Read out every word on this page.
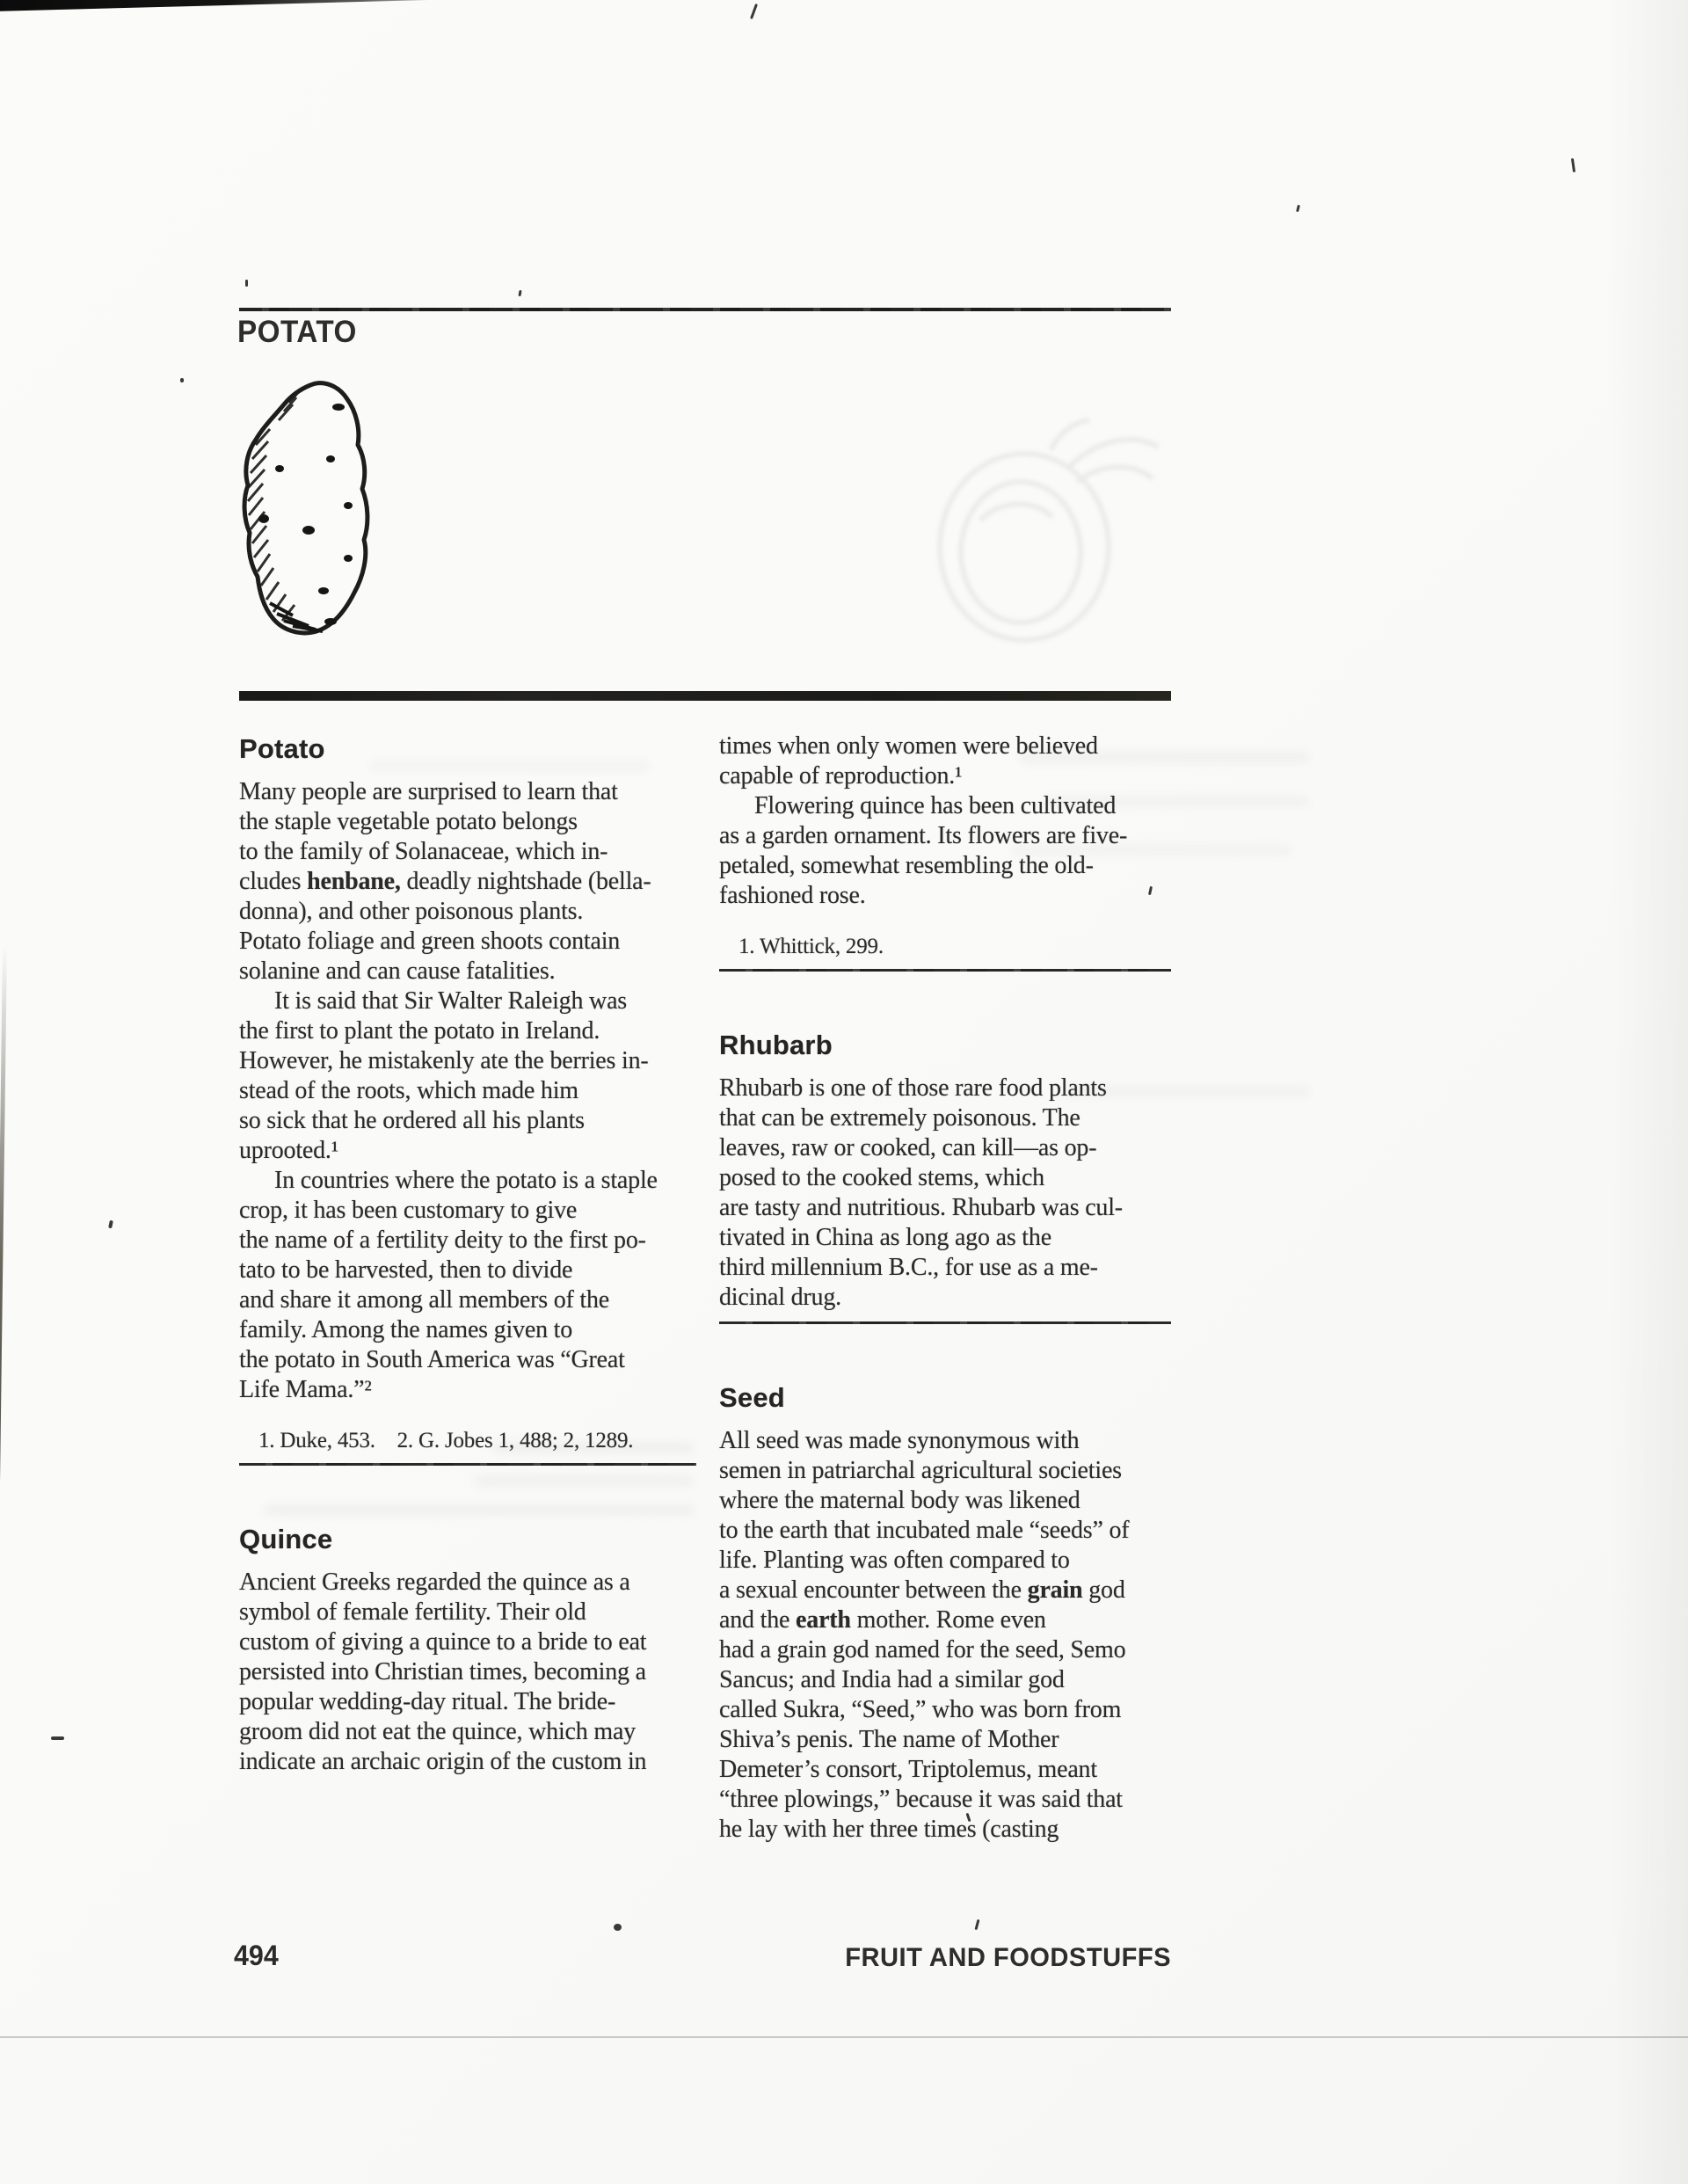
POTATO
Potato
Many people are surprised to learn that
the staple vegetable potato belongs
to the family of Solanaceae, which in-
cludes henbane, deadly nightshade (bella-
donna), and other poisonous plants.
Potato foliage and green shoots contain
solanine and can cause fatalities.
It is said that Sir Walter Raleigh was
the first to plant the potato in Ireland.
However, he mistakenly ate the berries in-
stead of the roots, which made him
so sick that he ordered all his plants
uprooted.¹
In countries where the potato is a staple
crop, it has been customary to give
the name of a fertility deity to the first po-
tato to be harvested, then to divide
and share it among all members of the
family. Among the names given to
the potato in South America was “Great
Life Mama.”²
1. Duke, 453. 2. G. Jobes 1, 488; 2, 1289.
Quince
Ancient Greeks regarded the quince as a
symbol of female fertility. Their old
custom of giving a quince to a bride to eat
persisted into Christian times, becoming a
popular wedding-day ritual. The bride-
groom did not eat the quince, which may
indicate an archaic origin of the custom in
times when only women were believed
capable of reproduction.¹
Flowering quince has been cultivated
as a garden ornament. Its flowers are five-
petaled, somewhat resembling the old-
fashioned rose.
1. Whittick, 299.
Rhubarb
Rhubarb is one of those rare food plants
that can be extremely poisonous. The
leaves, raw or cooked, can kill—as op-
posed to the cooked stems, which
are tasty and nutritious. Rhubarb was cul-
tivated in China as long ago as the
third millennium B.C., for use as a me-
dicinal drug.
Seed
All seed was made synonymous with
semen in patriarchal agricultural societies
where the maternal body was likened
to the earth that incubated male “seeds” of
life. Planting was often compared to
a sexual encounter between the grain god
and the earth mother. Rome even
had a grain god named for the seed, Semo
Sancus; and India had a similar god
called Sukra, “Seed,” who was born from
Shiva’s penis. The name of Mother
Demeter’s consort, Triptolemus, meant
“three plowings,” because it was said that
he lay with her three times (casting
494	FRUIT AND FOODSTUFFS
